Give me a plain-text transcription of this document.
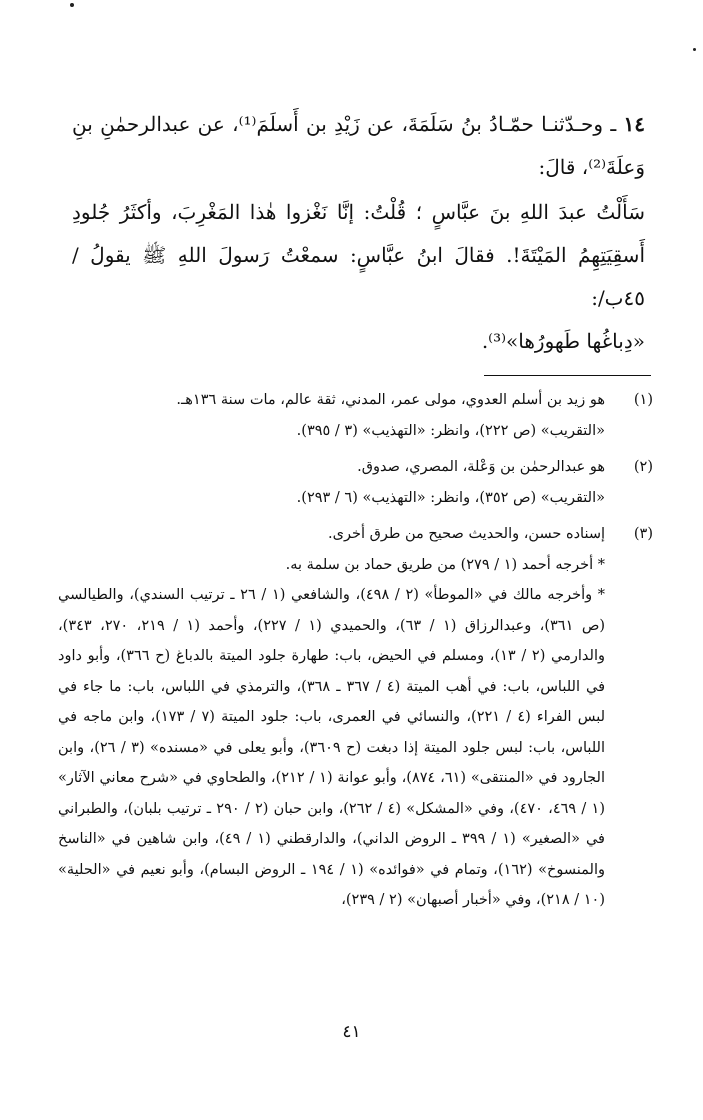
١٤ ـ وحـدّثنـا حمّـادُ بنُ سَلَمَةَ، عن زَيْدِ بن أَسلَمَ⁽¹⁾، عن عبدالرحمٰنِ بنِ وَعلَةَ⁽²⁾، قالَ:

سَأَلْتُ عبدَ اللهِ بنَ عبَّاسٍ ؛ قُلْتُ: إنَّا نَغْزوا هٰذا المَغْرِبَ، وأكثَرُ جُلودِ أَسقِيَتِهِمُ المَيْتَةَ!. فقالَ ابنُ عبَّاسٍ: سمعْتُ رَسولَ اللهِ ﷺ يقولُ /٤٥ب/:

«دِباغُها طَهورُها»⁽³⁾.

(١)
هو زيد بن أسلم العدوي، مولى عمر، المدني، ثقة عالم، مات سنة ١٣٦هـ.
«التقريب» (ص ٢٢٢)، وانظر: «التهذيب» (٣ / ٣٩٥).
(٢)
هو عبدالرحمٰن بن وَعْلة، المصري، صدوق.
«التقريب» (ص ٣٥٢)، وانظر: «التهذيب» (٦ / ٢٩٣).
(٣)
إسناده حسن، والحديث صحيح من طرق أخرى.
* أخرجه أحمد (١ / ٢٧٩) من طريق حماد بن سلمة به.
* وأخرجه مالك في «الموطأ» (٢ / ٤٩٨)، والشافعي (١ / ٢٦ ـ ترتيب السندي)، والطيالسي (ص ٣٦١)، وعبدالرزاق (١ / ٦٣)، والحميدي (١ / ٢٢٧)، وأحمد (١ / ٢١٩، ٢٧٠، ٣٤٣)، والدارمي (٢ / ١٣)، ومسلم في الحيض، باب: طهارة جلود الميتة بالدباغ (ح ٣٦٦)، وأبو داود في اللباس، باب: في أهب الميتة (٤ / ٣٦٧ ـ ٣٦٨)، والترمذي في اللباس، باب: ما جاء في لبس الفراء (٤ / ٢٢١)، والنسائي في العمرى، باب: جلود الميتة (٧ / ١٧٣)، وابن ماجه في اللباس، باب: لبس جلود الميتة إذا دبغت (ح ٣٦٠٩)، وأبو يعلى في «مسنده» (٣ / ٢٦)، وابن الجارود في «المنتقى» (٦١، ٨٧٤)، وأبو عوانة (١ / ٢١٢)، والطحاوي في «شرح معاني الآثار» (١ / ٤٦٩، ٤٧٠)، وفي «المشكل» (٤ / ٢٦٢)، وابن حبان (٢ / ٢٩٠ ـ ترتيب بلبان)، والطبراني في «الصغير» (١ / ٣٩٩ ـ الروض الداني)، والدارقطني (١ / ٤٩)، وابن شاهين في «الناسخ والمنسوخ» (١٦٢)، وتمام في «فوائده» (١ / ١٩٤ ـ الروض البسام)، وأبو نعيم في «الحلية» (١٠ / ٢١٨)، وفي «أخبار أصبهان» (٢ / ٢٣٩)،
٤١
